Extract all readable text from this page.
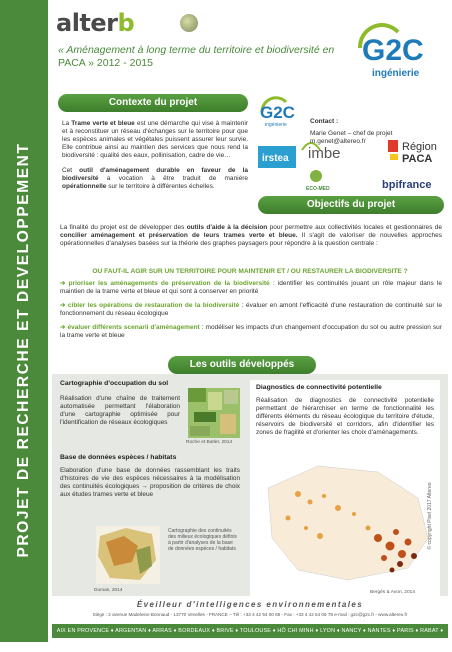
PROJET DE RECHERCHE ET DEVELOPPEMENT
alterb
« Aménagement à long terme du territoire et biodiversité en
PACA » 2012 - 2015	G2C
ingénierie
Contexte du projet

La Trame verte et bleue est une démarche qui vise à maintenir et à reconstituer un réseau d'échanges sur le territoire pour que les espèces animales et végétales puissent assurer leur survie. Elle contribue ainsi au maintien des services que nous rend la biodiversité : qualité des eaux, pollinisation, cadre de vie…

Cet outil d'aménagement durable en faveur de la biodiversité a vocation à être traduit de manière opérationnelle sur le territoire à différentes échelles.

G2C
ingénierie
irstea imbe
ECO-MED
Région
PACA
bpifrance
Contact :
Marie Genet – chef de projet
m.genet@altereo.fr
Objectifs du projet
La finalité du projet est de développer des outils d'aide à la décision pour permettre aux collectivités locales et gestionnaires de concilier aménagement et préservation de leurs trames verte et bleue. Il s'agit de valoriser de nouvelles approches opérationnelles d'analyses basées sur la théorie des graphes paysagers pour répondre à la question centrale :
OU FAUT-IL AGIR SUR UN TERRITOIRE POUR MAINTENIR ET / OU RESTAURER LA BIODIVERSITE ?

➔ prioriser les aménagements de préservation de la biodiversité : identifier les continuités jouant un rôle majeur dans le maintien de la trame verte et bleue et qui sont à conserver en priorité

➔ cibler les opérations de restauration de la biodiversité : évaluer en amont l'efficacité d'une restauration de continuité sur le fonctionnement du réseau écologique

➔ évaluer différents scenarii d'aménagement : modéliser les impacts d'un changement d'occupation du sol ou autre pression sur la trame verte et bleue

Les outils développés
Cartographie d'occupation du sol
Réalisation d'une chaîne de traitement automatisée permettant l'élaboration d'une cartographie optimisée pour l'identification de réseaux écologiques
Roche et Batlet, 2014
Diagnostics de connectivité potentielle
Réalisation de diagnostics de connectivité potentielle permettant de hiérarchiser en terme de fonctionnalité les différents éléments du réseau écologique du territoire d'étude, réservoirs de biodiversité et corridors, afin d'identifier les zones de fragilité et d'orienter les choix d'aménagements.
Bergès & Avon, 2014
Base de données espèces / habitats
Elaboration d'une base de données rassemblant les traits d'histoires de vie des espèces nécessaires à la modélisation des continuités écologiques → proposition de critères de choix aux études trames verte et bleue
Cartographie des continuités des milieux écologiques définis à partir d'analyses de la base de données espèces / habitats
Dumas, 2014
© copyright Pixel 2017 Altereo
Éveilleur d'intelligences environnementales
Siège : 2 avenue Madeleine Bonnaud - 13770 Venelles - FRANCE – Tél : +33 4 42 54 00 68 - Fax : +33 4 42 54 06 78 e-mail : g2c@g2c.fr - www.altereo.fr
AIX EN PROVENCE ♦ ARGENTAN ♦ ARRAS ♦ BORDEAUX ♦ BRIVE ♦ TOULOUSE ♦ HÔ CHI MINH ♦ LYON ♦ NANCY ♦ NANTES ♦ PARIS ♦ RABAT ♦ ROUEN
